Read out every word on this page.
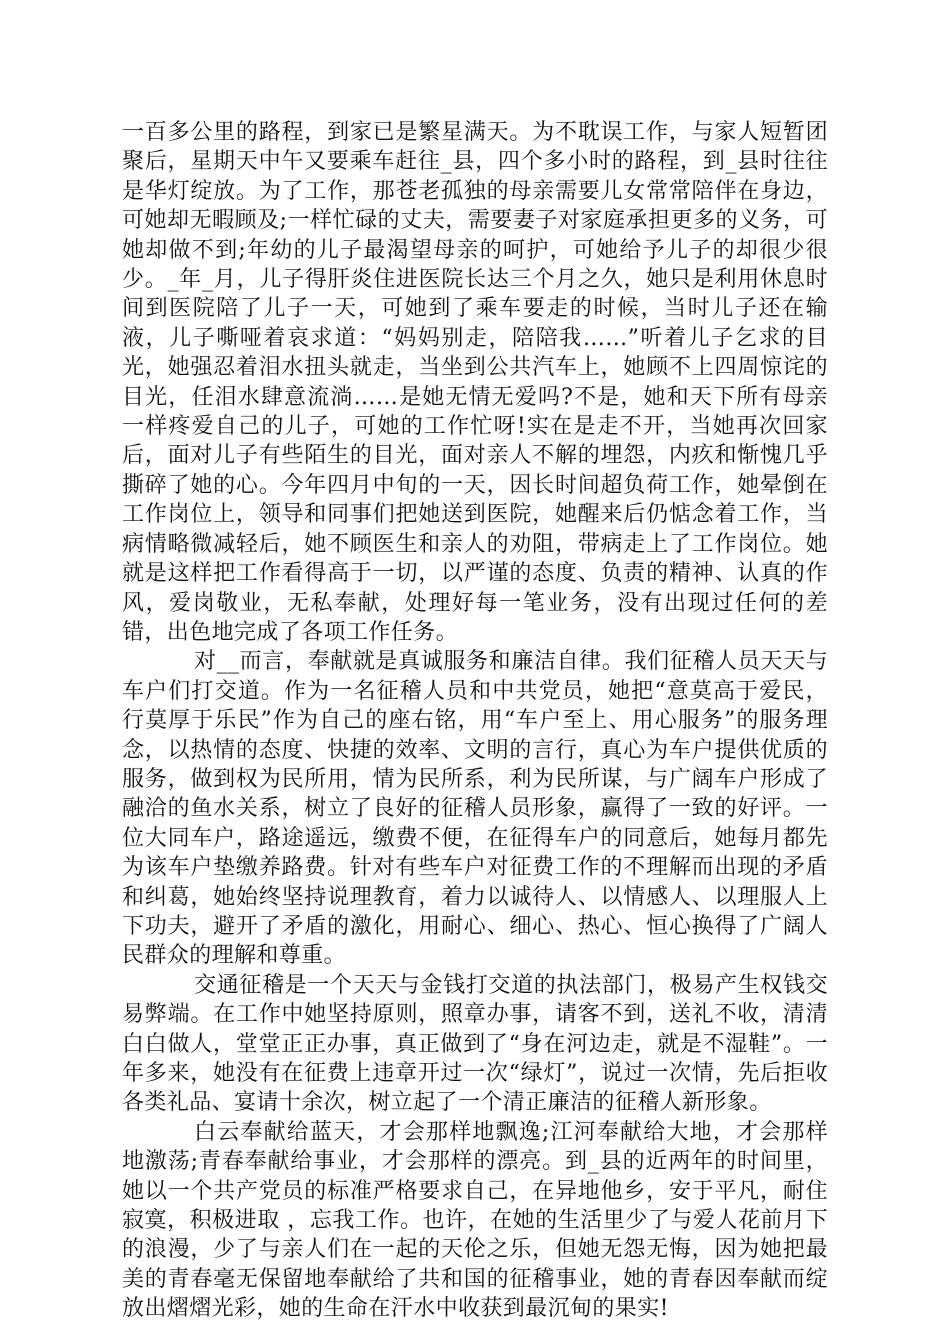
一百多公里的路程，到家已是繁星满天。为不耽误工作，与家人短暂团聚后，星期天中午又要乘车赶往_县，四个多小时的路程，到_县时往往是华灯绽放。为了工作，那苍老孤独的母亲需要儿女常常陪伴在身边，可她却无暇顾及;一样忙碌的丈夫，需要妻子对家庭承担更多的义务，可她却做不到;年幼的儿子最渴望母亲的呵护，可她给予儿子的却很少很少。_年_月，儿子得肝炎住进医院长达三个月之久，她只是利用休息时间到医院陪了儿子一天，可她到了乘车要走的时候，当时儿子还在输液，儿子嘶哑着哀求道：“妈妈别走，陪陪我……”听着儿子乞求的目光，她强忍着泪水扭头就走，当坐到公共汽车上，她顾不上四周惊诧的目光，任泪水肆意流淌……是她无情无爱吗?不是，她和天下所有母亲一样疼爱自己的儿子，可她的工作忙呀!实在是走不开，当她再次回家后，面对儿子有些陌生的目光，面对亲人不解的埋怨，内疚和惭愧几乎撕碎了她的心。今年四月中旬的一天，因长时间超负荷工作，她晕倒在工作岗位上，领导和同事们把她送到医院，她醒来后仍惦念着工作，当病情略微减轻后，她不顾医生和亲人的劝阻，带病走上了工作岗位。她就是这样把工作看得高于一切，以严谨的态度、负责的精神、认真的作风，爱岗敬业，无私奉献，处理好每一笔业务，没有出现过任何的差错，出色地完成了各项工作任务。

对__而言，奉献就是真诚服务和廉洁自律。我们征稽人员天天与车户们打交道。作为一名征稽人员和中共党员，她把“意莫高于爱民，行莫厚于乐民”作为自己的座右铭，用“车户至上、用心服务”的服务理念，以热情的态度、快捷的效率、文明的言行，真心为车户提供优质的服务，做到权为民所用，情为民所系，利为民所谋，与广阔车户形成了融洽的鱼水关系，树立了良好的征稽人员形象，赢得了一致的好评。一位大同车户，路途遥远，缴费不便，在征得车户的同意后，她每月都先为该车户垫缴养路费。针对有些车户对征费工作的不理解而出现的矛盾和纠葛，她始终坚持说理教育，着力以诚待人、以情感人、以理服人上下功夫，避开了矛盾的激化，用耐心、细心、热心、恒心换得了广阔人民群众的理解和尊重。

交通征稽是一个天天与金钱打交道的执法部门，极易产生权钱交易弊端。在工作中她坚持原则，照章办事，请客不到，送礼不收，清清白白做人，堂堂正正办事，真正做到了“身在河边走，就是不湿鞋”。一年多来，她没有在征费上违章开过一次“绿灯”，说过一次情，先后拒收各类礼品、宴请十余次，树立起了一个清正廉洁的征稽人新形象。

白云奉献给蓝天，才会那样地飘逸;江河奉献给大地，才会那样地激荡;青春奉献给事业，才会那样的漂亮。到_县的近两年的时间里，她以一个共产党员的标准严格要求自己，在异地他乡，安于平凡，耐住寂寞，积极进取 ，忘我工作。也许，在她的生活里少了与爱人花前月下的浪漫，少了与亲人们在一起的天伦之乐，但她无怨无悔，因为她把最美的青春毫无保留地奉献给了共和国的征稽事业，她的青春因奉献而绽放出熠熠光彩，她的生命在汗水中收获到最沉甸的果实!
